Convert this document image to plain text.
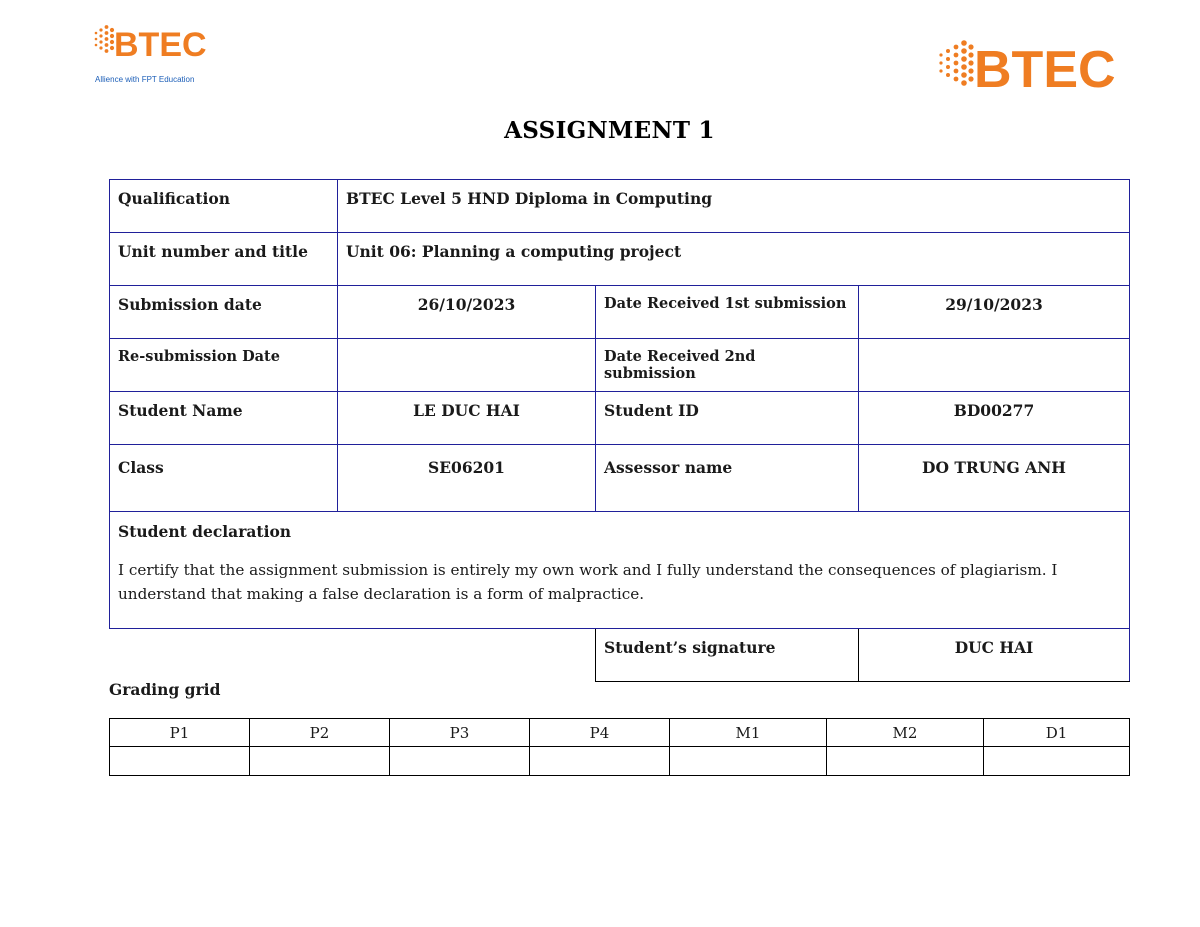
BTEC
Allience with FPT Education	BTEC
ASSIGNMENT 1
Qualification	BTEC Level 5 HND Diploma in Computing		
Unit number and title	Unit 06: Planning a computing project		
Submission date	26/10/2023	Date Received 1st submission	29/10/2023
Re-submission Date		Date Received 2nd submission	
Student Name	LE DUC HAI	Student ID	BD00277
Class	SE06201	Assessor name	DO TRUNG ANH

Student declaration
I certify that the assignment submission is entirely my own work and I fully understand the consequences of plagiarism. I understand that making a false declaration is a form of malpractice.			

		Student’s signature	DUC HAI
Grading grid
P1	P2	P3	P4	M1	M2	D1
